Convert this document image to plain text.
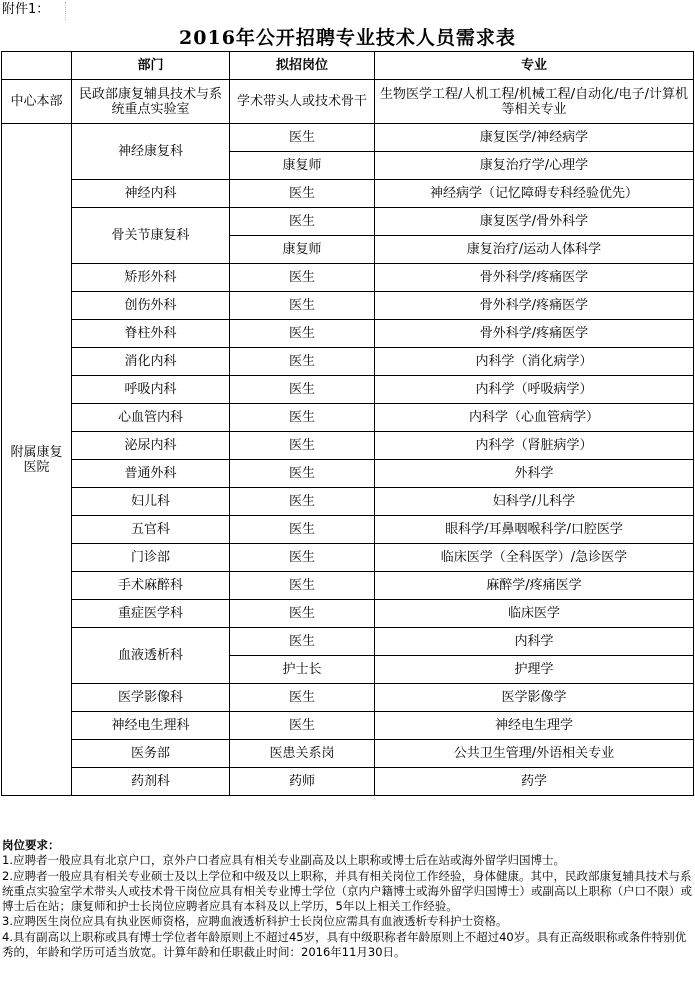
附件1：
2016年公开招聘专业技术人员需求表
	部门	拟招岗位	专业
中心本部	民政部康复辅具技术与系统重点实验室	学术带头人或技术骨干	生物医学工程/人机工程/机械工程/自动化/电子/计算机等相关专业
附属康复医院	神经康复科	医生	康复医学/神经病学
		康复师	康复治疗学/心理学
	神经内科	医生	神经病学（记忆障碍专科经验优先）
	骨关节康复科	医生	康复医学/骨外科学
		康复师	康复治疗/运动人体科学
	矫形外科	医生	骨外科学/疼痛医学
	创伤外科	医生	骨外科学/疼痛医学
	脊柱外科	医生	骨外科学/疼痛医学
	消化内科	医生	内科学（消化病学）
	呼吸内科	医生	内科学（呼吸病学）
	心血管内科	医生	内科学（心血管病学）
	泌尿内科	医生	内科学（肾脏病学）
	普通外科	医生	外科学
	妇儿科	医生	妇科学/儿科学
	五官科	医生	眼科学/耳鼻咽喉科学/口腔医学
	门诊部	医生	临床医学（全科医学）/急诊医学
	手术麻醉科	医生	麻醉学/疼痛医学
	重症医学科	医生	临床医学
	血液透析科	医生	内科学
		护士长	护理学
	医学影像科	医生	医学影像学
	神经电生理科	医生	神经电生理学
	医务部	医患关系岗	公共卫生管理/外语相关专业
	药剂科	药师	药学

岗位要求：

1.应聘者一般应具有北京户口，京外户口者应具有相关专业副高及以上职称或博士后在站或海外留学归国博士。

2.应聘者一般应具有相关专业硕士及以上学位和中级及以上职称，并具有相关岗位工作经验，身体健康。其中，民政部康复辅具技术与系统重点实验室学术带头人或技术骨干岗位应具有相关专业博士学位（京内户籍博士或海外留学归国博士）或副高以上职称（户口不限）或博士后在站；康复师和护士长岗位应聘者应具有本科及以上学历，5年以上相关工作经验。

3.应聘医生岗位应具有执业医师资格，应聘血液透析科护士长岗位应需具有血液透析专科护士资格。

4.具有副高以上职称或具有博士学位者年龄原则上不超过45岁，具有中级职称者年龄原则上不超过40岁。具有正高级职称或条件特别优秀的，年龄和学历可适当放宽。计算年龄和任职截止时间：2016年11月30日。
